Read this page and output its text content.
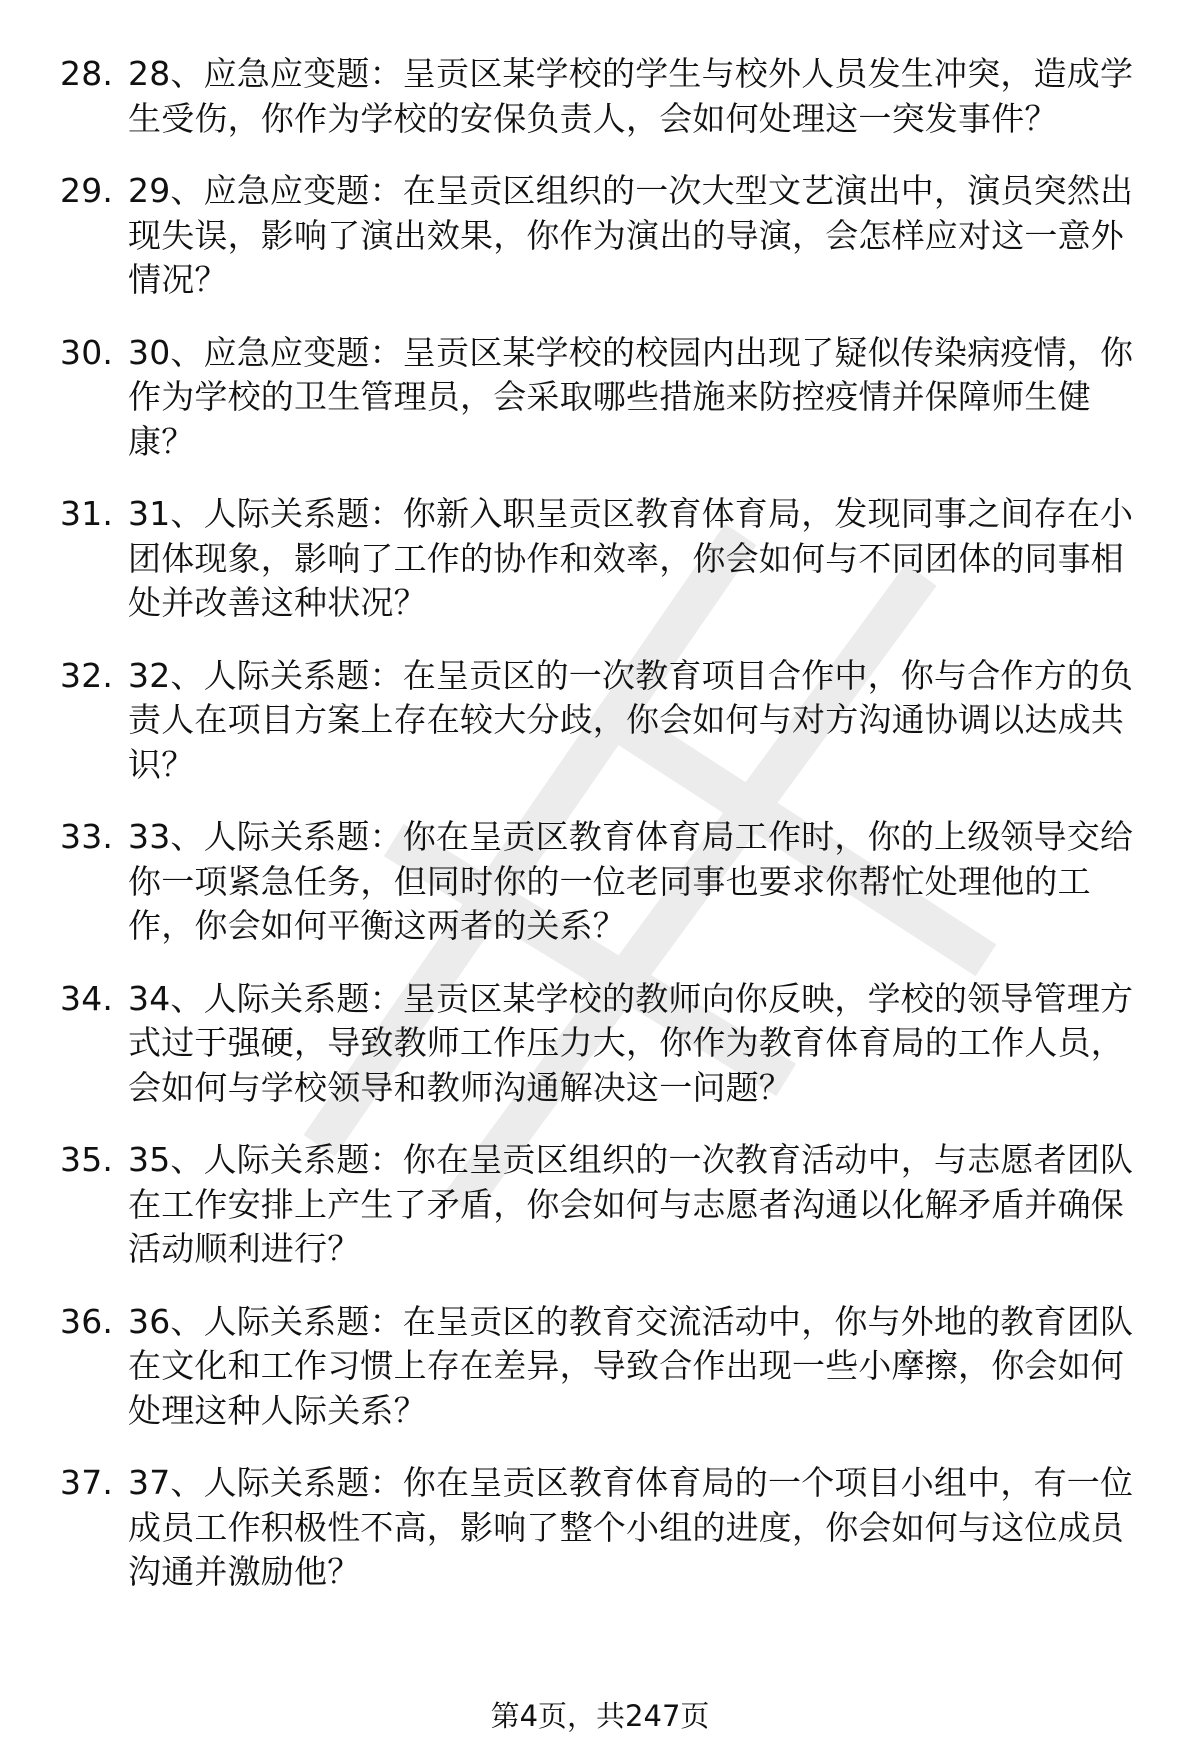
28. 28、应急应变题：呈贡区某学校的学生与校外人员发生冲突，造成学生受伤，你作为学校的安保负责人，会如何处理这一突发事件？
29. 29、应急应变题：在呈贡区组织的一次大型文艺演出中，演员突然出现失误，影响了演出效果，你作为演出的导演，会怎样应对这一意外情况？
30. 30、应急应变题：呈贡区某学校的校园内出现了疑似传染病疫情，你作为学校的卫生管理员，会采取哪些措施来防控疫情并保障师生健康？
31. 31、人际关系题：你新入职呈贡区教育体育局，发现同事之间存在小团体现象，影响了工作的协作和效率，你会如何与不同团体的同事相处并改善这种状况？
32. 32、人际关系题：在呈贡区的一次教育项目合作中，你与合作方的负责人在项目方案上存在较大分歧，你会如何与对方沟通协调以达成共识？
33. 33、人际关系题：你在呈贡区教育体育局工作时，你的上级领导交给你一项紧急任务，但同时你的一位老同事也要求你帮忙处理他的工作，你会如何平衡这两者的关系？
34. 34、人际关系题：呈贡区某学校的教师向你反映，学校的领导管理方式过于强硬，导致教师工作压力大，你作为教育体育局的工作人员，会如何与学校领导和教师沟通解决这一问题？
35. 35、人际关系题：你在呈贡区组织的一次教育活动中，与志愿者团队在工作安排上产生了矛盾，你会如何与志愿者沟通以化解矛盾并确保活动顺利进行？
36. 36、人际关系题：在呈贡区的教育交流活动中，你与外地的教育团队在文化和工作习惯上存在差异，导致合作出现一些小摩擦，你会如何处理这种人际关系？
37. 37、人际关系题：你在呈贡区教育体育局的一个项目小组中，有一位成员工作积极性不高，影响了整个小组的进度，你会如何与这位成员沟通并激励他？
第4页，共247页
